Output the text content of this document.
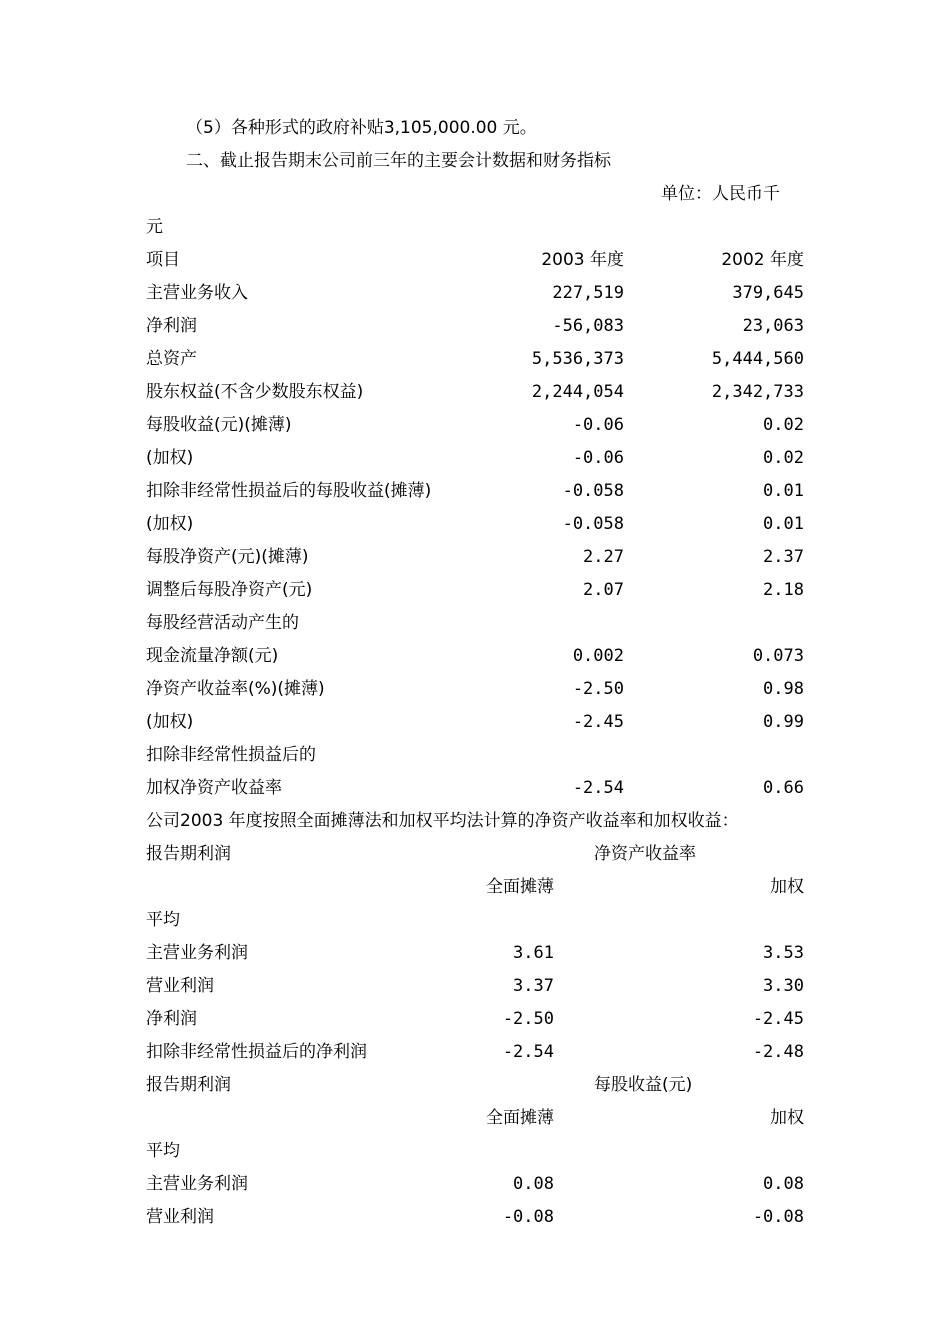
（5）各种形式的政府补贴3,105,000.00 元。
二、截止报告期末公司前三年的主要会计数据和财务指标
单位：人民币千
元
项目	2003 年度	2002 年度
主营业务收入	227,519	379,645
净利润	-56,083	23,063
总资产	5,536,373	5,444,560
股东权益(不含少数股东权益)	2,244,054	2,342,733
每股收益(元)(摊薄)	-0.06	0.02
(加权)	-0.06	0.02
扣除非经常性损益后的每股收益(摊薄)	-0.058	0.01
(加权)	-0.058	0.01
每股净资产(元)(摊薄)	2.27	2.37
调整后每股净资产(元)	2.07	2.18
每股经营活动产生的
现金流量净额(元)	0.002	0.073
净资产收益率(%)(摊薄)	-2.50	0.98
(加权)	-2.45	0.99
扣除非经常性损益后的
加权净资产收益率	-2.54	0.66
公司2003 年度按照全面摊薄法和加权平均法计算的净资产收益率和加权收益：
报告期利润	净资产收益率
全面摊薄	加权
平均
主营业务利润	3.61	3.53
营业利润	3.37	3.30
净利润	-2.50	-2.45
扣除非经常性损益后的净利润	-2.54	-2.48
报告期利润	每股收益(元)
全面摊薄	加权
平均
主营业务利润	0.08	0.08
营业利润	-0.08	-0.08
